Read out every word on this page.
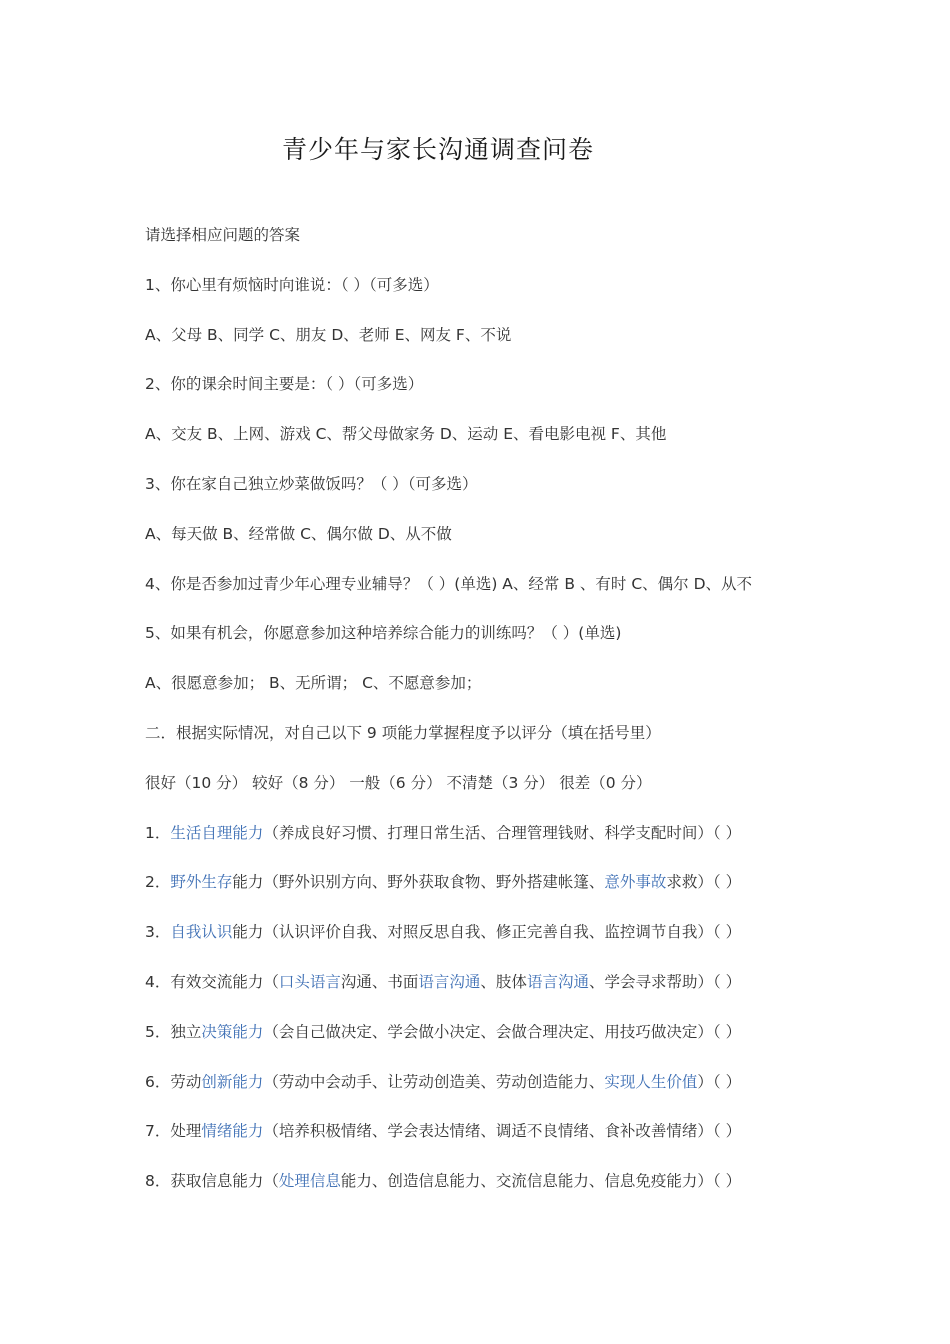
青少年与家长沟通调查问卷
请选择相应问题的答案
1、你心里有烦恼时向谁说：（ ）（可多选）
A、父母 B、同学 C、朋友 D、老师 E、网友 F、不说
2、你的课余时间主要是：（ ）（可多选）
A、交友 B、上网、游戏 C、帮父母做家务 D、运动 E、看电影电视 F、其他
3、你在家自己独立炒菜做饭吗？（ ）（可多选）
A、每天做 B、经常做 C、偶尔做 D、从不做
4、你是否参加过青少年心理专业辅导？（ ）(单选) A、经常 B 、有时 C、偶尔 D、从不
5、如果有机会，你愿意参加这种培养综合能力的训练吗？（ ）(单选)
A、很愿意参加； B、无所谓； C、不愿意参加；
二．根据实际情况，对自己以下 9 项能力掌握程度予以评分（填在括号里）
很好（10 分） 较好（8 分） 一般（6 分） 不清楚（3 分） 很差（0 分）
1．生活自理能力（养成良好习惯、打理日常生活、合理管理钱财、科学支配时间）（ ）
2．野外生存能力（野外识别方向、野外获取食物、野外搭建帐篷、意外事故求救）（ ）
3．自我认识能力（认识评价自我、对照反思自我、修正完善自我、监控调节自我）（ ）
4．有效交流能力（口头语言沟通、书面语言沟通、肢体语言沟通、学会寻求帮助）（ ）
5．独立决策能力（会自己做决定、学会做小决定、会做合理决定、用技巧做决定）（ ）
6．劳动创新能力（劳动中会动手、让劳动创造美、劳动创造能力、实现人生价值）（ ）
7．处理情绪能力（培养积极情绪、学会表达情绪、调适不良情绪、食补改善情绪）（ ）
8．获取信息能力（处理信息能力、创造信息能力、交流信息能力、信息免疫能力）（ ）
